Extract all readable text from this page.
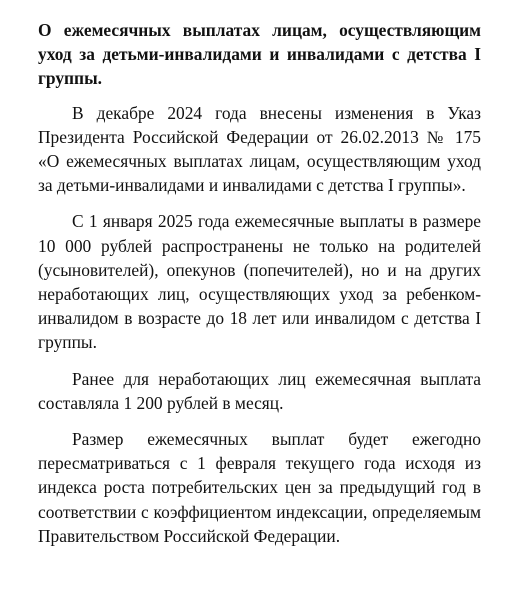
О ежемесячных выплатах лицам, осуществляющим уход за детьми-инвалидами и инвалидами с детства I группы.

В декабре 2024 года внесены изменения в Указ Президента Российской Федерации от 26.02.2013 № 175 «О ежемесячных выплатах лицам, осуществляющим уход за детьми-инвалидами и инвалидами с детства I группы».

С 1 января 2025 года ежемесячные выплаты в размере 10 000 рублей распространены не только на родителей (усыновителей), опекунов (попечителей), но и на других неработающих лиц, осуществляющих уход за ребенком-инвалидом в возрасте до 18 лет или инвалидом с детства I группы.

Ранее для неработающих лиц ежемесячная выплата составляла 1 200 рублей в месяц.

Размер ежемесячных выплат будет ежегодно пересматриваться с 1 февраля текущего года исходя из индекса роста потребительских цен за предыдущий год в соответствии с коэффициентом индексации, определяемым Правительством Российской Федерации.
